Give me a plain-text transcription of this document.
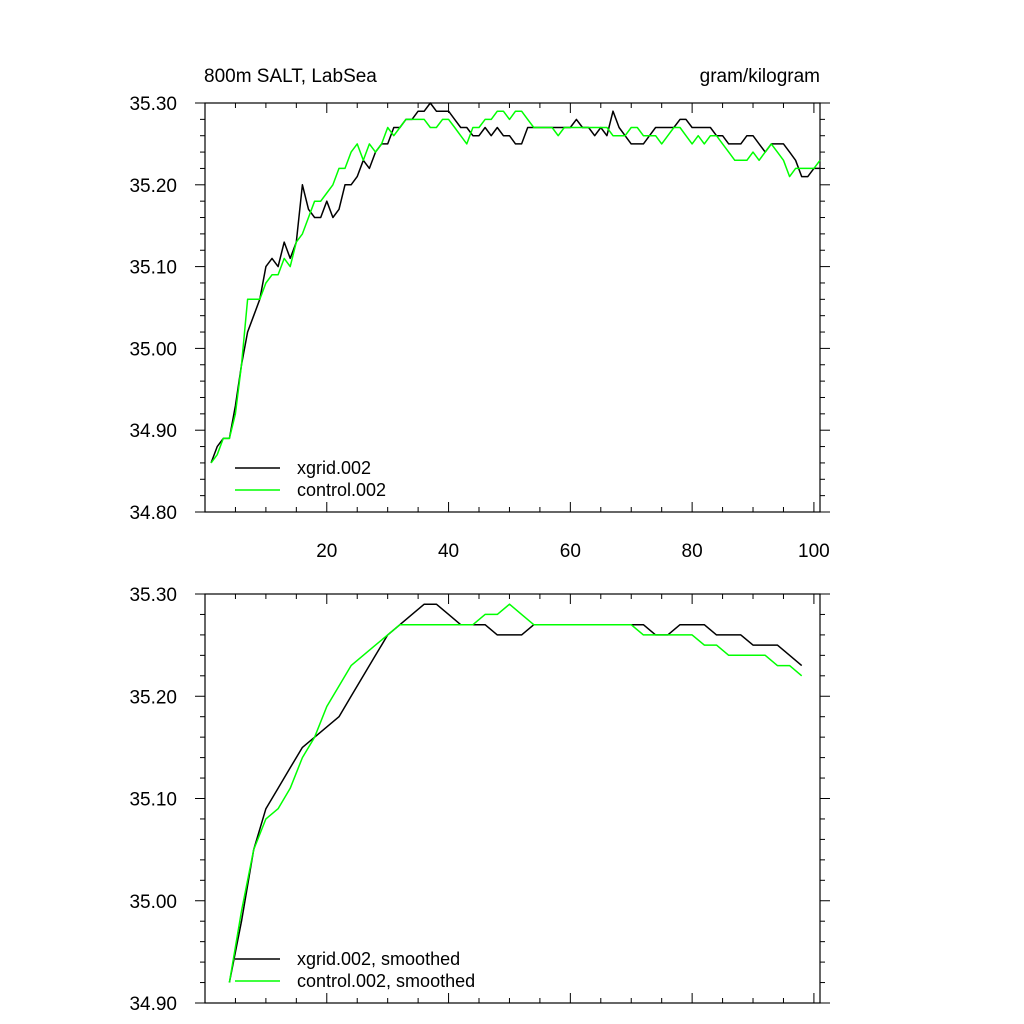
800m SALT, LabSea	gram/kilogram
20	40	60	80	100
34.80
34.90
35.00
35.10
35.20
35.30
xgrid.002
control.002
34.90
35.00
35.10
35.20
35.30
xgrid.002, smoothed
control.002, smoothed
